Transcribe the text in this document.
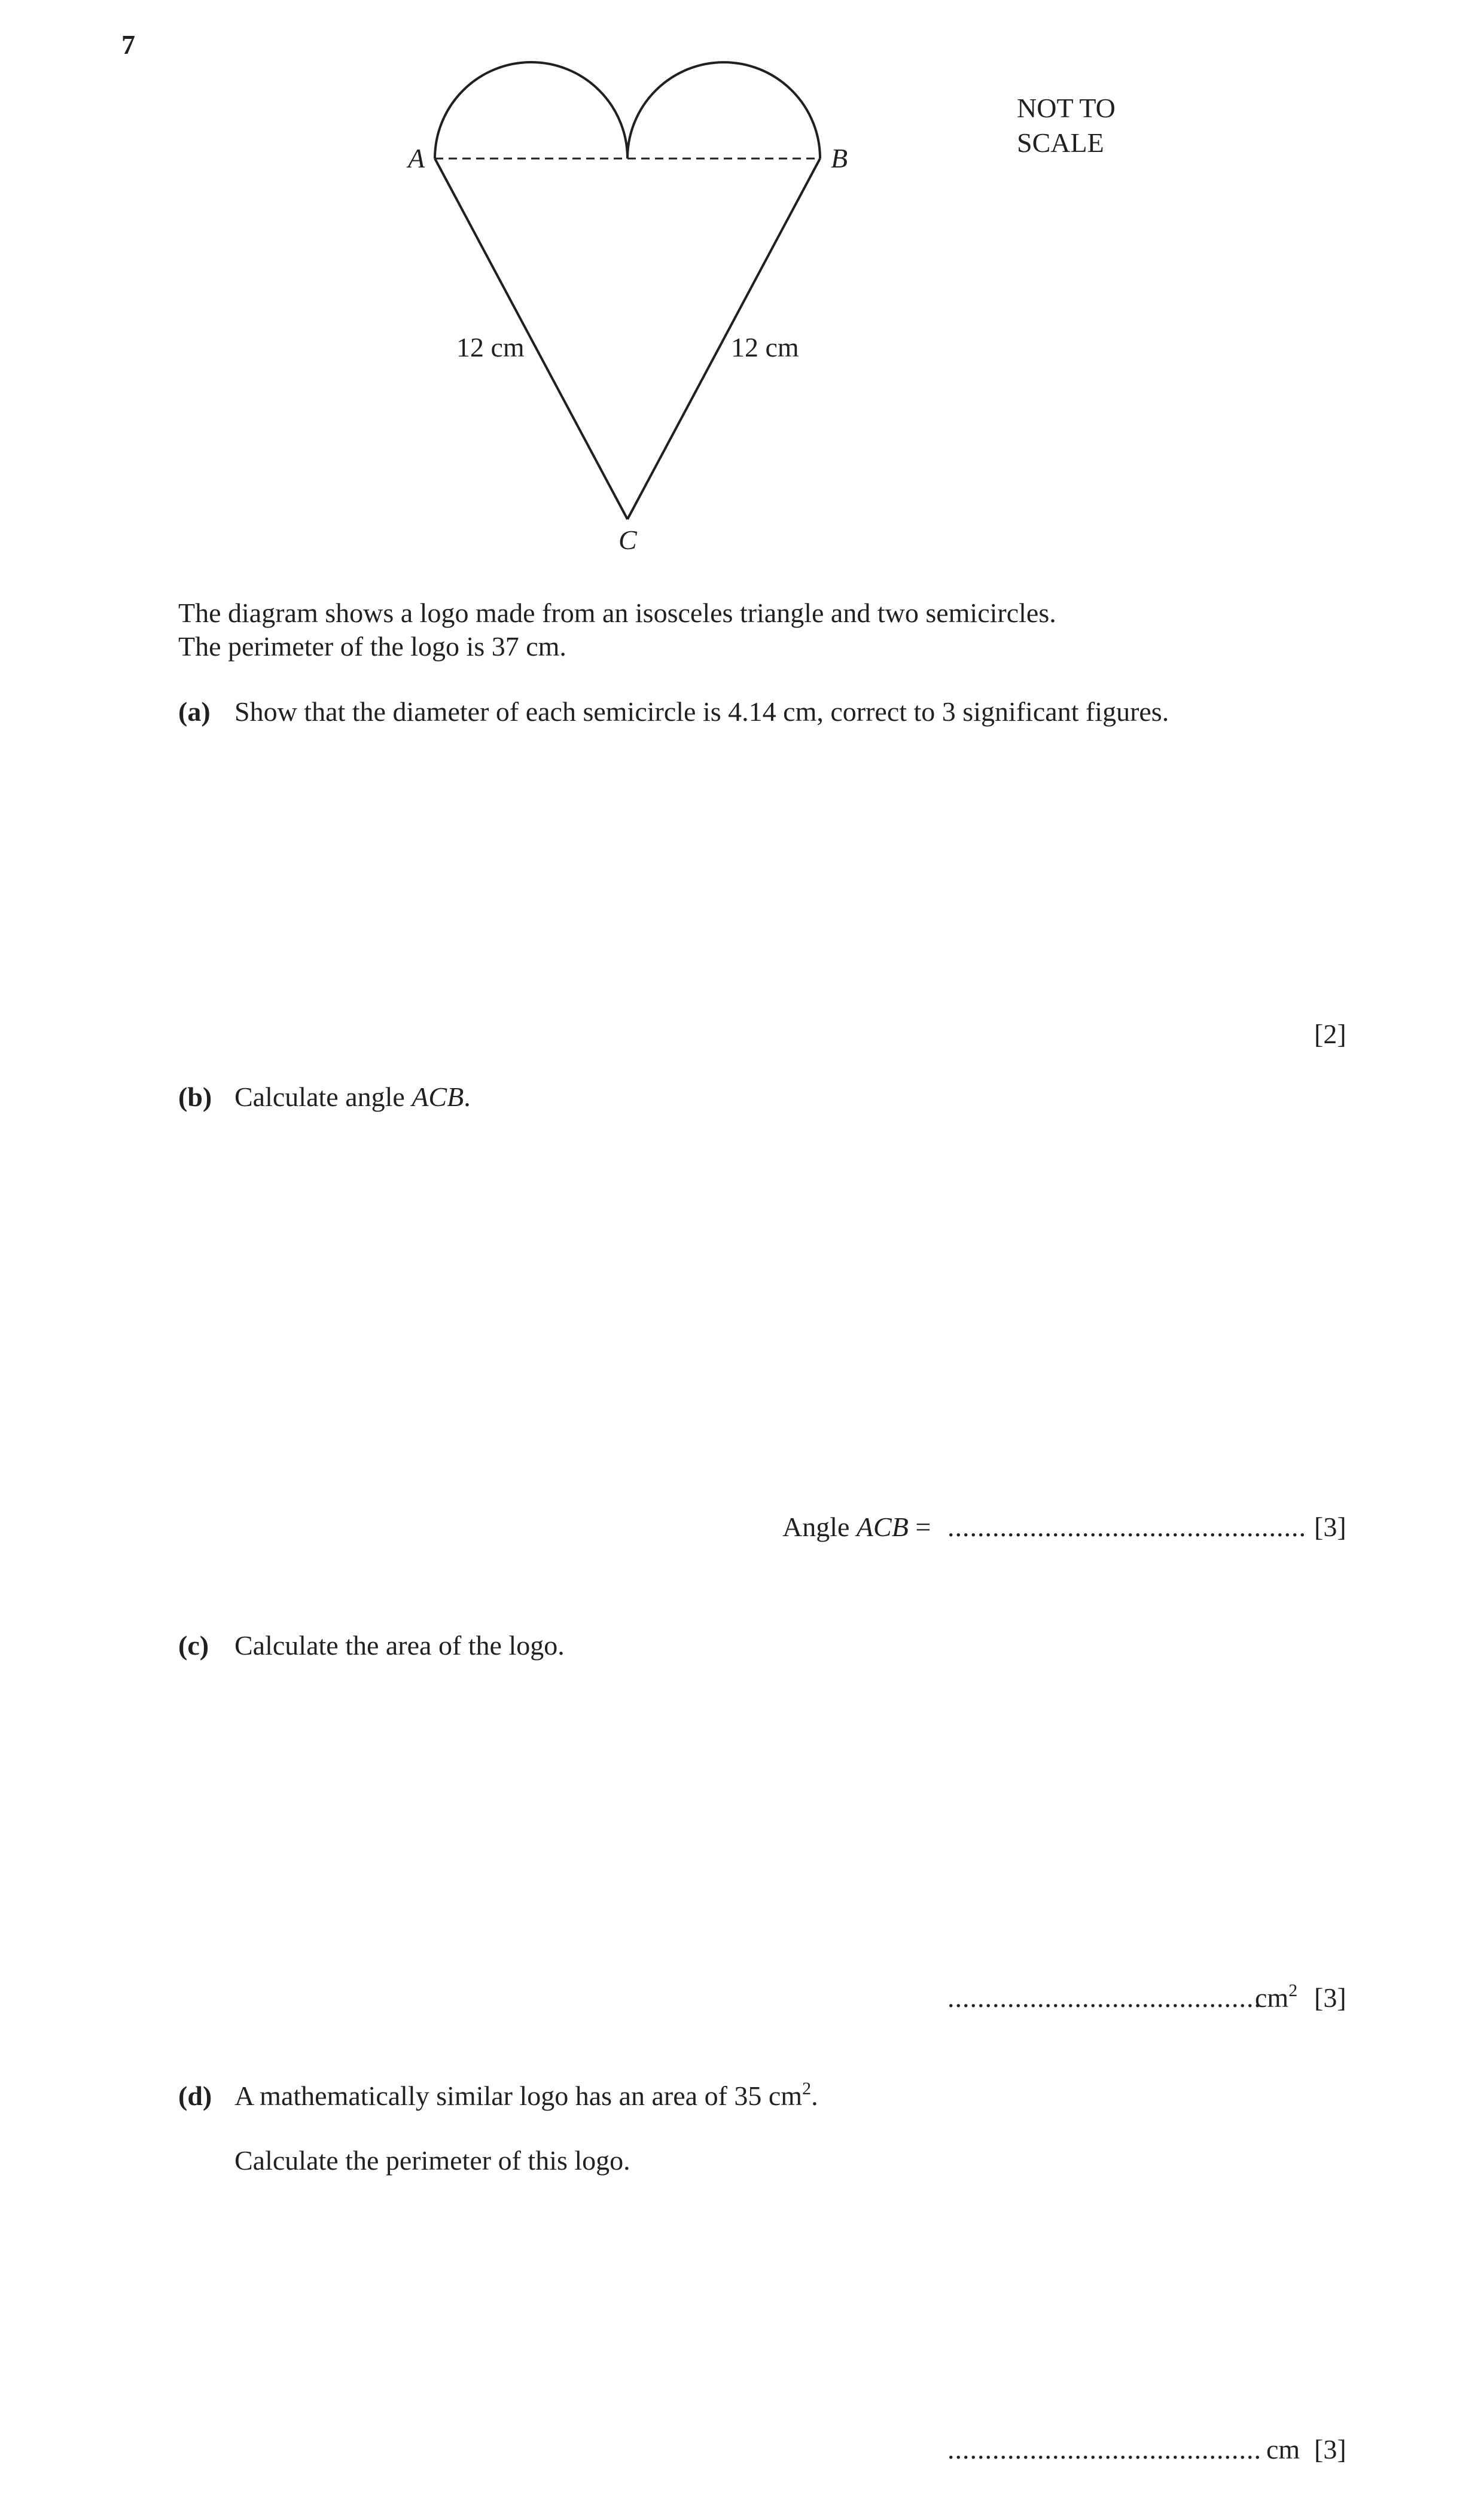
7
A	B
C
12 cm	12 cm
NOT TO
SCALE
The diagram shows a logo made from an isosceles triangle and two semicircles.
The perimeter of the logo is 37 cm.
(a) Show that the diameter of each semicircle is 4.14 cm, correct to 3 significant figures.
[2]
(b) Calculate angle ACB.
Angle ACB = ................................................ [3]
(c) Calculate the area of the logo.
..........................................
$cm^2$ [3]
(d) A mathematically similar logo has an area of 35 $cm^2$.
Calculate the perimeter of this logo.
.......................................... cm [3]
